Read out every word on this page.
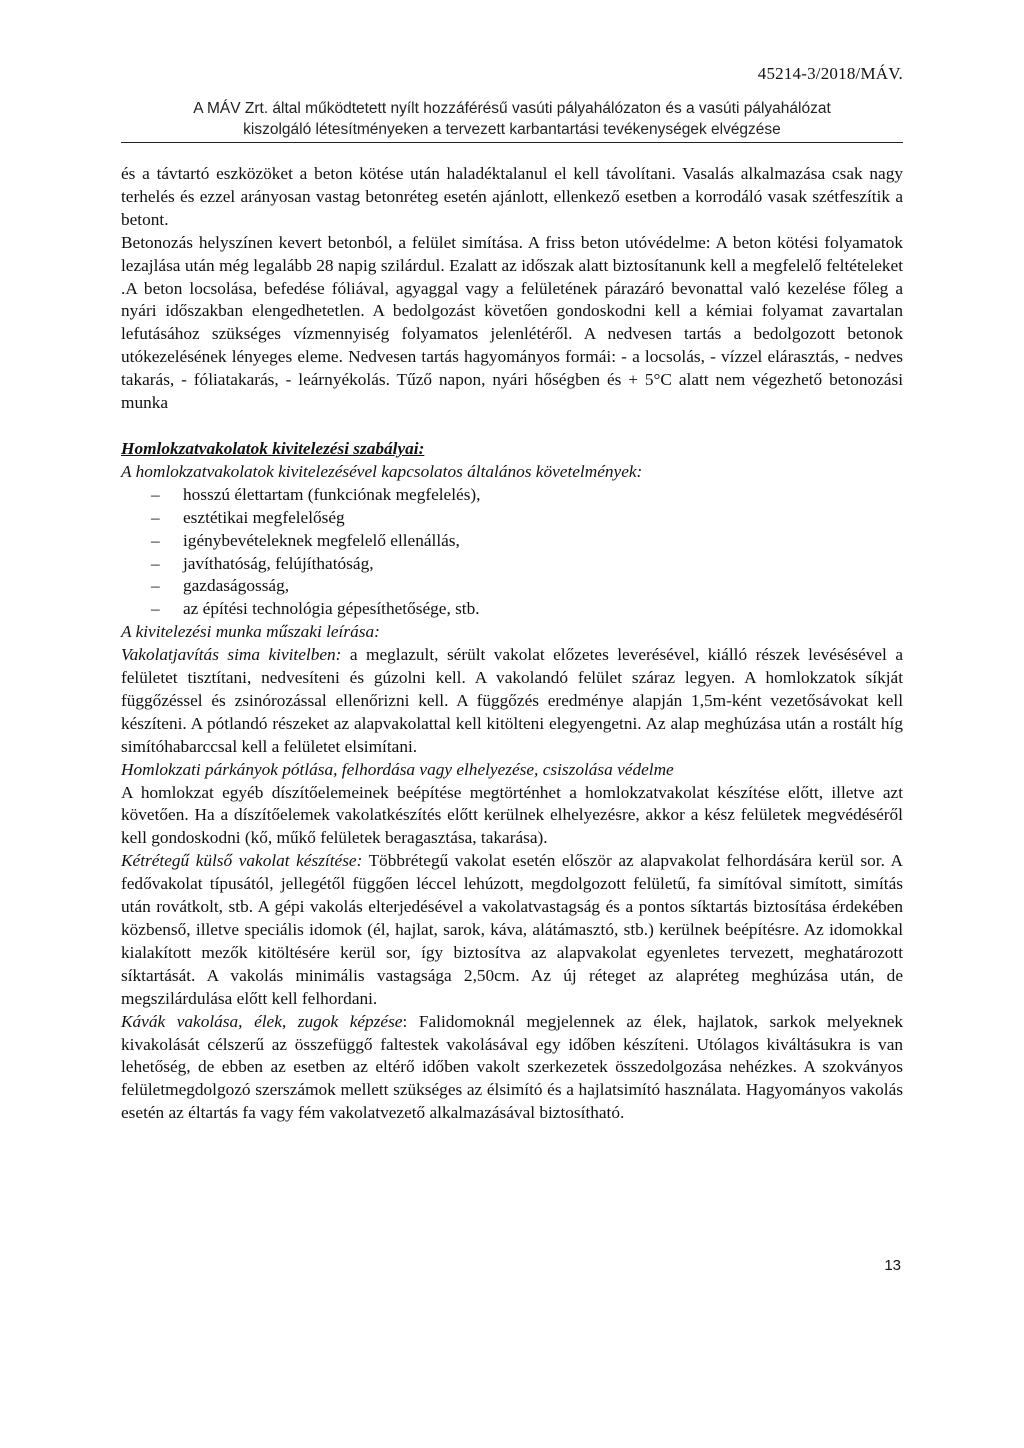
45214-3/2018/MÁV.
A MÁV Zrt. által működtetett nyílt hozzáférésű vasúti pályahálózaton és a vasúti pályahálózat
kiszolgáló létesítményeken a tervezett karbantartási tevékenységek elvégzése

és a távtartó eszközöket a beton kötése után haladéktalanul el kell távolítani. Vasalás alkalmazása csak nagy terhelés és ezzel arányosan vastag betonréteg esetén ajánlott, ellenkező esetben a korrodáló vasak szétfeszítik a betont.

Betonozás helyszínen kevert betonból, a felület simítása. A friss beton utóvédelme: A beton kötési folyamatok lezajlása után még legalább 28 napig szilárdul. Ezalatt az időszak alatt biztosítanunk kell a megfelelő feltételeket .A beton locsolása, befedése fóliával, agyaggal vagy a felületének párazáró bevonattal való kezelése főleg a nyári időszakban elengedhetetlen. A bedolgozást követően gondoskodni kell a kémiai folyamat zavartalan lefutásához szükséges vízmennyiség folyamatos jelenlétéről. A nedvesen tartás a bedolgozott betonok utókezelésének lényeges eleme. Nedvesen tartás hagyományos formái: - a locsolás, - vízzel elárasztás, - nedves takarás, - fóliatakarás, - leárnyékolás. Tűző napon, nyári hőségben és + 5°C alatt nem végezhető betonozási munka

Homlokzatvakolatok kivitelezési szabályai:

A homlokzatvakolatok kivitelezésével kapcsolatos általános követelmények:

– hosszú élettartam (funkciónak megfelelés),
– esztétikai megfelelőség
– igénybevételeknek megfelelő ellenállás,
– javíthatóság, felújíthatóság,
– gazdaságosság,
– az építési technológia gépesíthetősége, stb.

A kivitelezési munka műszaki leírása:

Vakolatjavítás sima kivitelben: a meglazult, sérült vakolat előzetes leverésével, kiálló részek levésésével a felületet tisztítani, nedvesíteni és gúzolni kell. A vakolandó felület száraz legyen. A homlokzatok síkját függőzéssel és zsinórozással ellenőrizni kell. A függőzés eredménye alapján 1,5m-ként vezetősávokat kell készíteni. A pótlandó részeket az alapvakolattal kell kitölteni elegyengetni. Az alap meghúzása után a rostált híg simítóhabarccsal kell a felületet elsimítani.

Homlokzati párkányok pótlása, felhordása vagy elhelyezése, csiszolása védelme

A homlokzat egyéb díszítőelemeinek beépítése megtörténhet a homlokzatvakolat készítése előtt, illetve azt követően. Ha a díszítőelemek vakolatkészítés előtt kerülnek elhelyezésre, akkor a kész felületek megvédéséről kell gondoskodni (kő, műkő felületek beragasztása, takarása).

Kétrétegű külső vakolat készítése: Többrétegű vakolat esetén először az alapvakolat felhordására kerül sor. A fedővakolat típusától, jellegétől függően léccel lehúzott, megdolgozott felületű, fa simítóval simított, simítás után rovátkolt, stb. A gépi vakolás elterjedésével a vakolatvastagság és a pontos síktartás biztosítása érdekében közbenső, illetve speciális idomok (él, hajlat, sarok, káva, alátámasztó, stb.) kerülnek beépítésre. Az idomokkal kialakított mezők kitöltésére kerül sor, így biztosítva az alapvakolat egyenletes tervezett, meghatározott síktartását. A vakolás minimális vastagsága 2,50cm. Az új réteget az alapréteg meghúzása után, de megszilárdulása előtt kell felhordani.

Kávák vakolása, élek, zugok képzése: Falidomoknál megjelennek az élek, hajlatok, sarkok melyeknek kivakolását célszerű az összefüggő faltestek vakolásával egy időben készíteni. Utólagos kiváltásukra is van lehetőség, de ebben az esetben az eltérő időben vakolt szerkezetek összedolgozása nehézkes. A szokványos felületmegdolgozó szerszámok mellett szükséges az élsimító és a hajlatsimító használata. Hagyományos vakolás esetén az éltartás fa vagy fém vakolatvezető alkalmazásával biztosítható.

13
